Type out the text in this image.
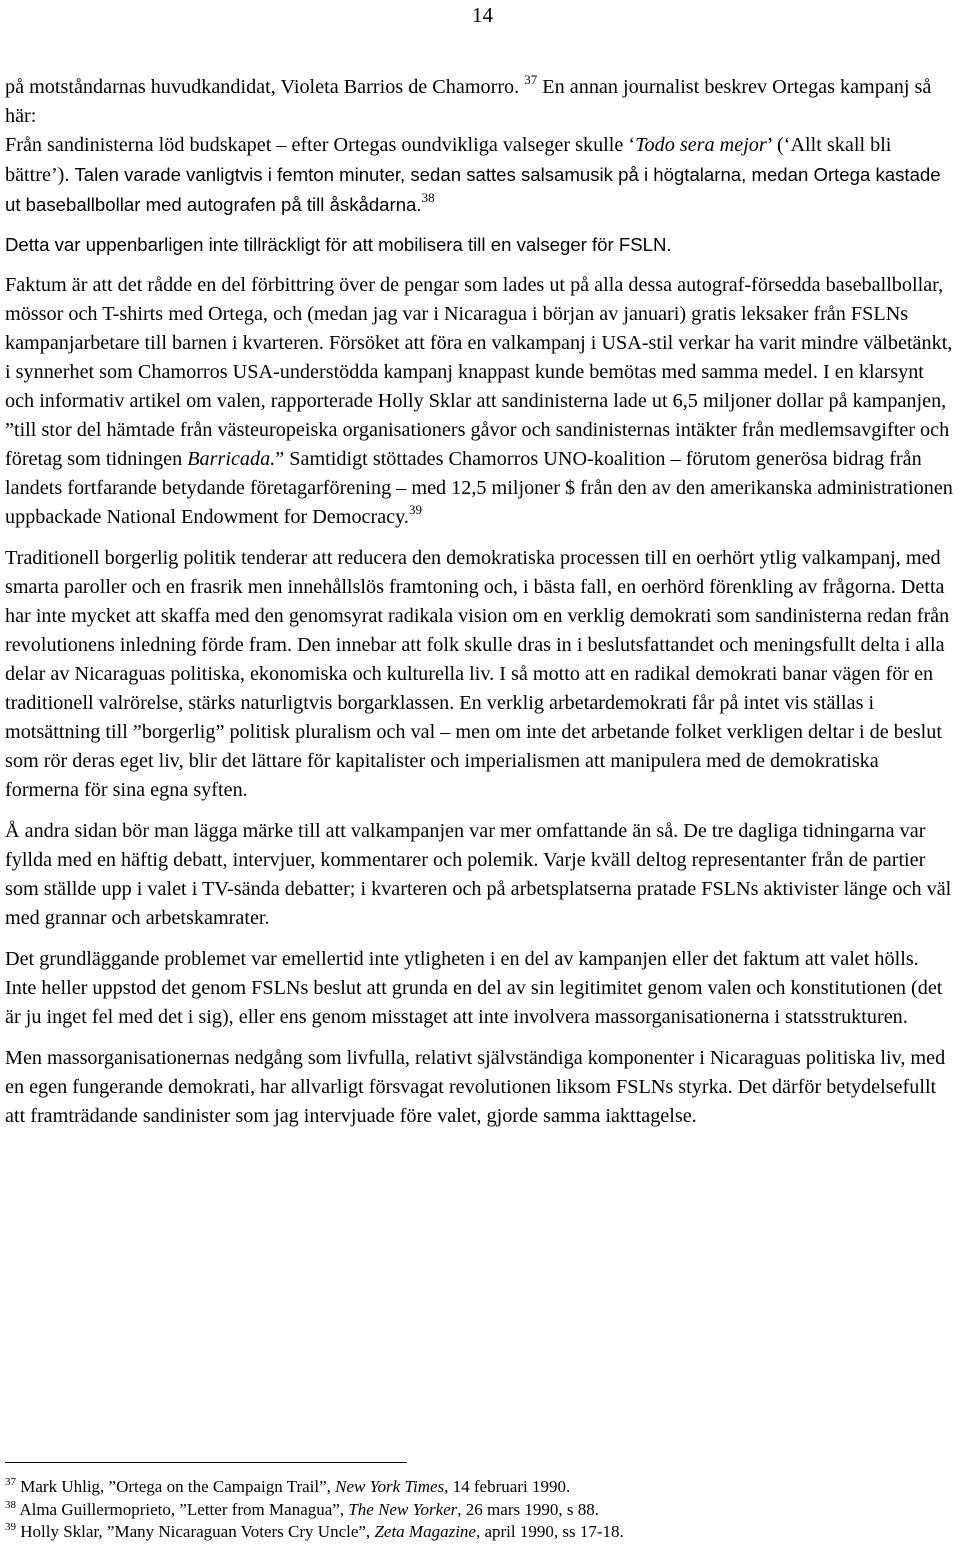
14

på motståndarnas huvudkandidat, Violeta Barrios de Chamorro. $^{37}$ En annan journalist beskrev Ortegas kampanj så här:

Från sandinisterna löd budskapet – efter Ortegas oundvikliga valseger skulle ‘Todo sera mejor’ (‘Allt skall bli bättre’). Talen varade vanligtvis i femton minuter, sedan sattes salsamusik på i högtalarna, medan Ortega kastade ut baseballbollar med autografen på till åskådarna.$^{38}$

Detta var uppenbarligen inte tillräckligt för att mobilisera till en valseger för FSLN.

Faktum är att det rådde en del förbittring över de pengar som lades ut på alla dessa autograf-försedda baseballbollar, mössor och T-shirts med Ortega, och (medan jag var i Nicaragua i början av januari) gratis leksaker från FSLNs kampanjarbetare till barnen i kvarteren. Försöket att föra en valkampanj i USA-stil verkar ha varit mindre välbetänkt, i synnerhet som Chamorros USA-understödda kampanj knappast kunde bemötas med samma medel. I en klarsynt och informativ artikel om valen, rapporterade Holly Sklar att sandinisterna lade ut 6,5 miljoner dollar på kampanjen, ”till stor del hämtade från västeuropeiska organisationers gåvor och sandinisternas intäkter från medlemsavgifter och företag som tidningen Barricada.” Samtidigt stöttades Chamorros UNO-koalition – förutom generösa bidrag från landets fortfarande betydande företagarförening – med 12,5 miljoner $ från den av den amerikanska administrationen uppbackade National Endowment for Democracy.$^{39}$

Traditionell borgerlig politik tenderar att reducera den demokratiska processen till en oerhört ytlig valkampanj, med smarta paroller och en frasrik men innehållslös framtoning och, i bästa fall, en oerhörd förenkling av frågorna. Detta har inte mycket att skaffa med den genomsyrat radikala vision om en verklig demokrati som sandinisterna redan från revolutionens inledning förde fram. Den innebar att folk skulle dras in i beslutsfattandet och meningsfullt delta i alla delar av Nicaraguas politiska, ekonomiska och kulturella liv. I så motto att en radikal demokrati banar vägen för en traditionell valrörelse, stärks naturligtvis borgarklassen. En verklig arbetardemokrati får på intet vis ställas i motsättning till ”borgerlig” politisk pluralism och val – men om inte det arbetande folket verkligen deltar i de beslut som rör deras eget liv, blir det lättare för kapitalister och imperialismen att manipulera med de demokratiska formerna för sina egna syften.

Å andra sidan bör man lägga märke till att valkampanjen var mer omfattande än så. De tre dagliga tidningarna var fyllda med en häftig debatt, intervjuer, kommentarer och polemik. Varje kväll deltog representanter från de partier som ställde upp i valet i TV-sända debatter; i kvarteren och på arbetsplatserna pratade FSLNs aktivister länge och väl med grannar och arbetskamrater.

Det grundläggande problemet var emellertid inte ytligheten i en del av kampanjen eller det faktum att valet hölls. Inte heller uppstod det genom FSLNs beslut att grunda en del av sin legitimitet genom valen och konstitutionen (det är ju inget fel med det i sig), eller ens genom misstaget att inte involvera massorganisationerna i statsstrukturen.

Men massorganisationernas nedgång som livfulla, relativt självständiga komponenter i Nicaraguas politiska liv, med en egen fungerande demokrati, har allvarligt försvagat revolutionen liksom FSLNs styrka. Det därför betydelsefullt att framträdande sandinister som jag intervjuade före valet, gjorde samma iakttagelse.

$^{37}$ Mark Uhlig, ”Ortega on the Campaign Trail”, New York Times, 14 februari 1990.
$^{38}$ Alma Guillermoprieto, ”Letter from Managua”, The New Yorker, 26 mars 1990, s 88.
$^{39}$ Holly Sklar, ”Many Nicaraguan Voters Cry Uncle”, Zeta Magazine, april 1990, ss 17-18.
